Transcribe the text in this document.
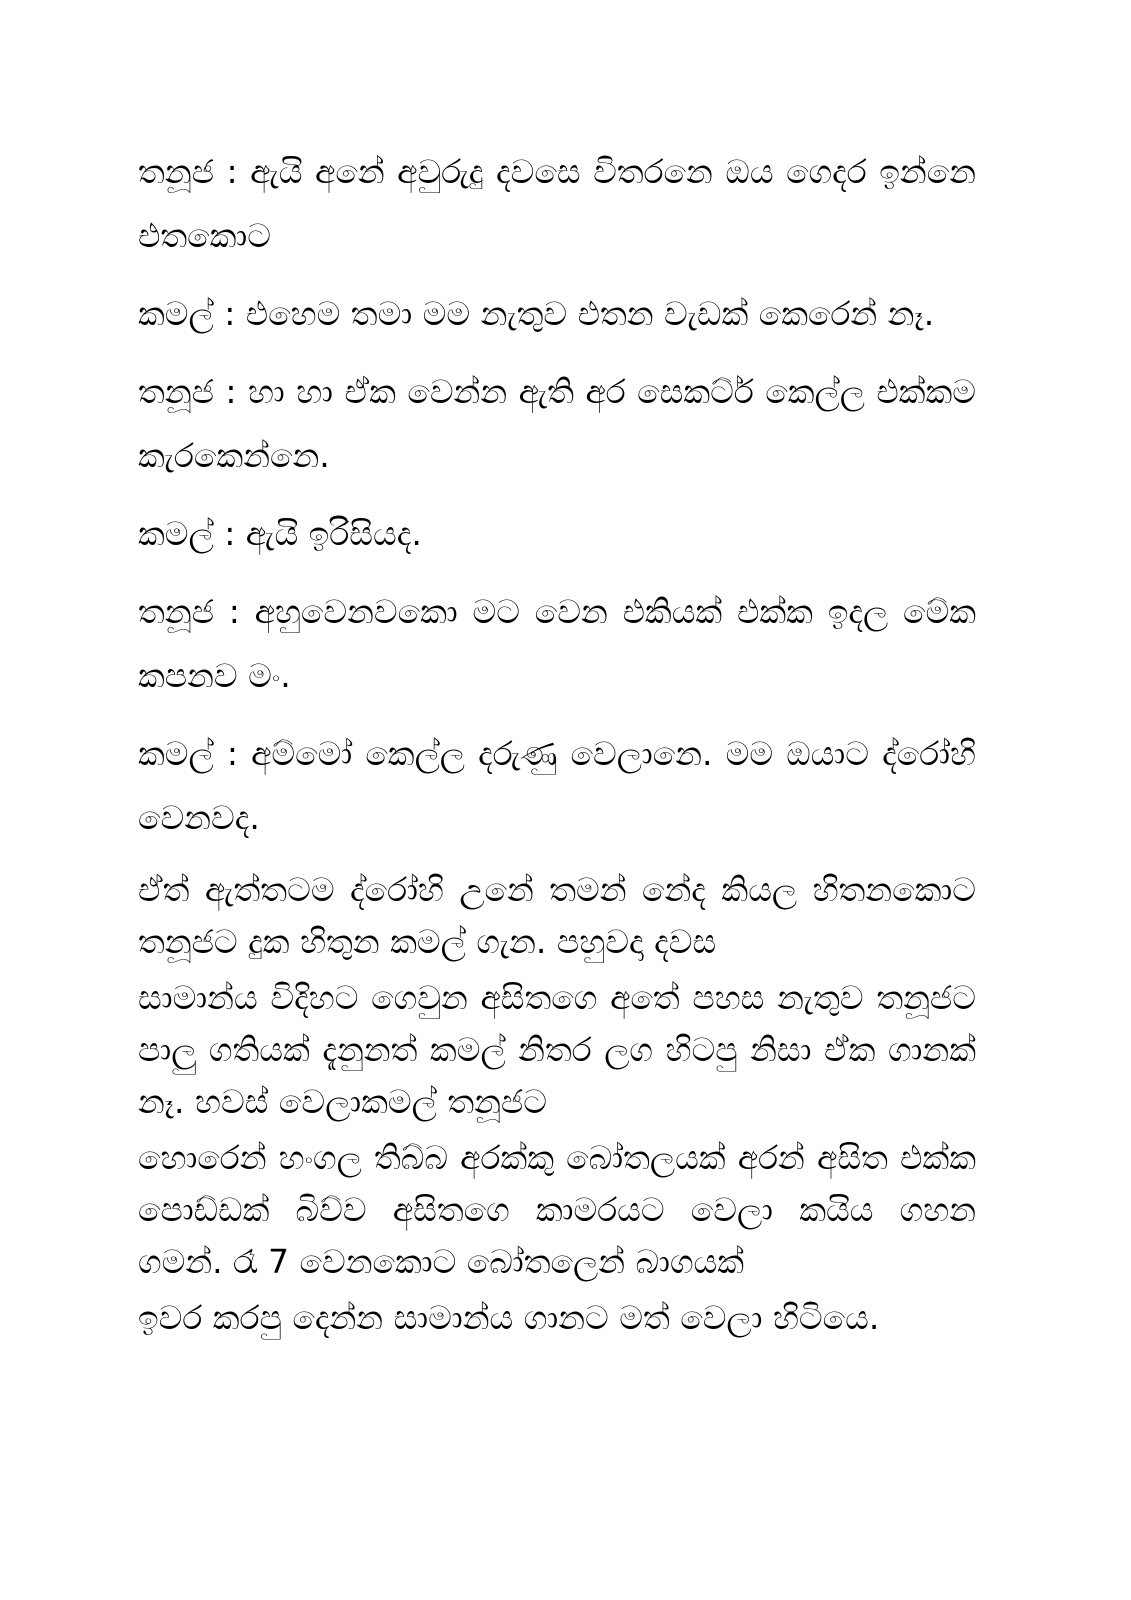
තනූජ : ඇයි අනේ අවුරුදු දවසෙ විතරනෙ ඔය ගෙදර ඉන්නෙ එතකොට

කමල් : එහෙම තමා මම නැතුව එතන වැඩක් කෙරෙන් නෑ.

තනූජ : හා හා ඒක වෙන්න ඇති අර සෙකට්ර් කෙල්ල එක්කම කැරකෙන්නෙ.

කමල් : ඇයි ඉරිසියද.

තනූජ : අහුවෙනවකො මට වෙන එකියක් එක්ක ඉදල මේක කපනව මං.

කමල් : අම්මෝ කෙල්ල දරුණු වෙලානෙ. මම ඔයාට ද්රෝහි වෙනවද.

ඒත් ඇත්තටම ද්රෝහි උනේ තමන් නේද කියල හිතනකොට තනූජට දුක හිතුන කමල් ගැන. පහුවදා දවස

සාමාන්ය විදිහට ගෙවුන අසිතගෙ අතේ පහස නැතුව තනූජට පාලු ගතියක් දැනුනත් කමල් නිතර ලග හිටපු නිසා ඒක ගානක් නෑ. හවස් වෙලාකමල් තනූජට

හොරෙන් හංගල තිබ්බ අරක්කු බෝතලයක් අරන් අසිත එක්ක පොඩ්ඩක් බිව්ව අසිතගෙ කාමරයට වෙලා කයිය ගහන ගමන්. රෑ 7 වෙනකොට බෝතලෙන් බාගයක්

ඉවර කරපු දෙන්න සාමාන්ය ගානට මත් වෙලා හිටියෙ.
